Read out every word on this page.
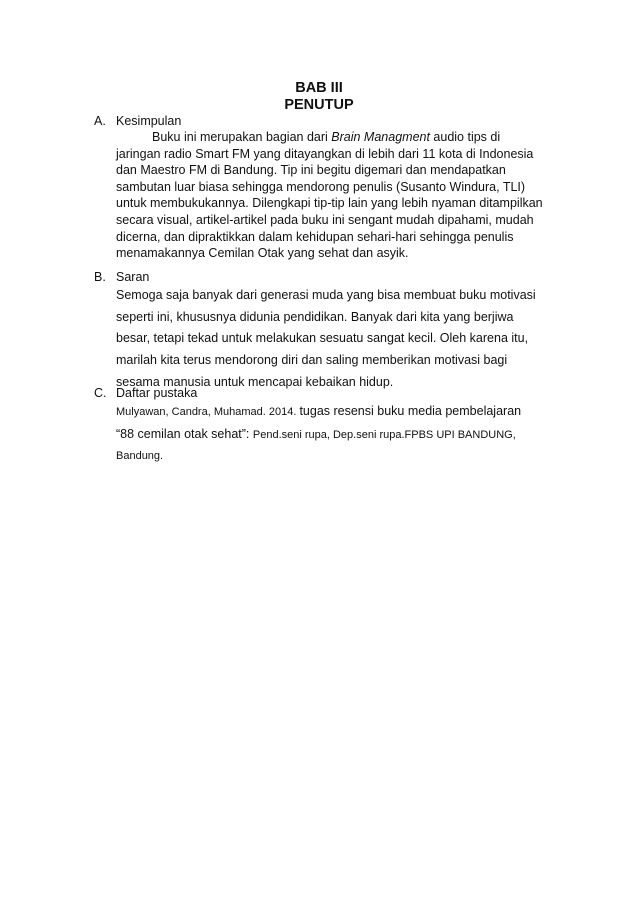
BAB III
PENUTUP
A. Kesimpulan
Buku ini merupakan bagian dari Brain Managment audio tips di
jaringan radio Smart FM yang ditayangkan di lebih dari 11 kota di Indonesia
dan Maestro FM di Bandung. Tip ini begitu digemari dan mendapatkan
sambutan luar biasa sehingga mendorong penulis (Susanto Windura, TLI)
untuk membukukannya. Dilengkapi tip-tip lain yang lebih nyaman ditampilkan
secara visual, artikel-artikel pada buku ini sengant mudah dipahami, mudah
dicerna, dan dipraktikkan dalam kehidupan sehari-hari sehingga penulis
menamakannya Cemilan Otak yang sehat dan asyik.
B. Saran
Semoga saja banyak dari generasi muda yang bisa membuat buku motivasi
seperti ini, khususnya didunia pendidikan. Banyak dari kita yang berjiwa
besar, tetapi tekad untuk melakukan sesuatu sangat kecil. Oleh karena itu,
marilah kita terus mendorong diri dan saling memberikan motivasi bagi
sesama manusia untuk mencapai kebaikan hidup.
C. Daftar pustaka
Mulyawan, Candra, Muhamad. 2014. tugas resensi buku media pembelajaran
“88 cemilan otak sehat”: Pend.seni rupa, Dep.seni rupa.FPBS UPI BANDUNG,
Bandung.
